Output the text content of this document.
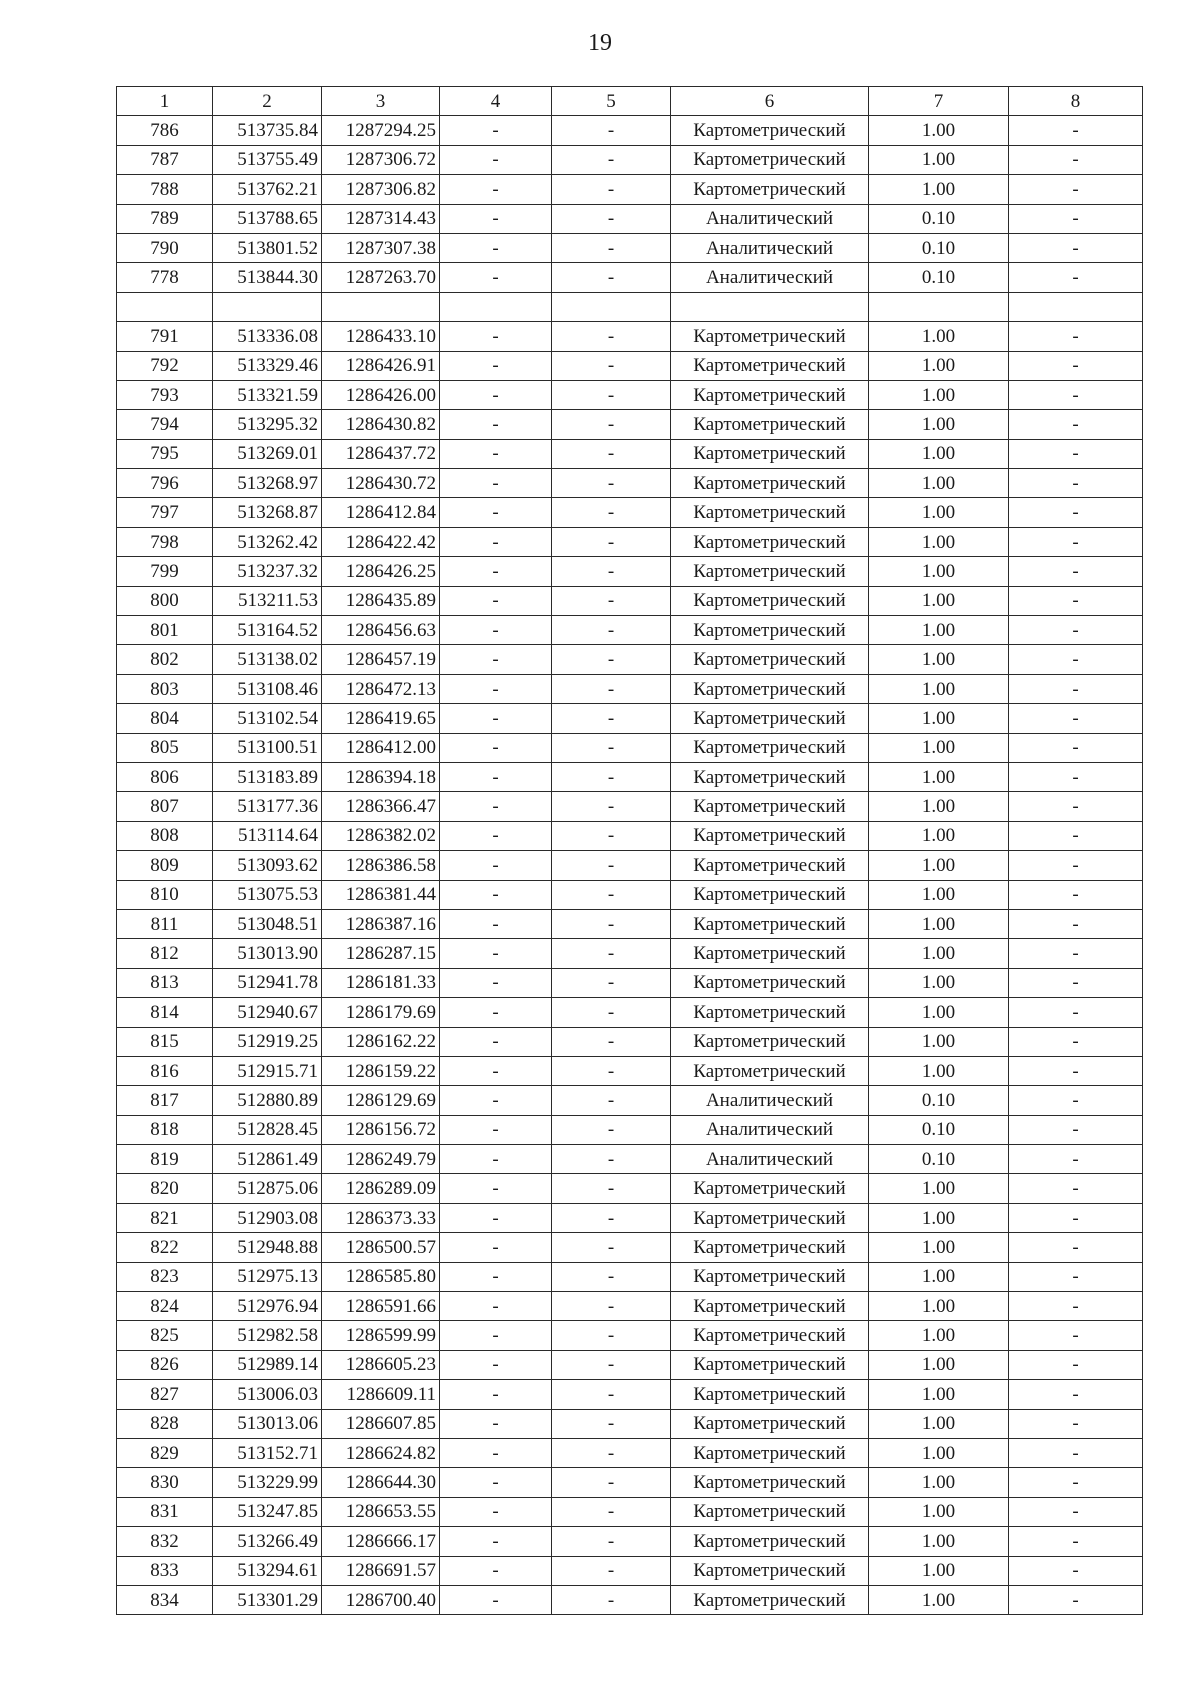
19
1	2	3	4	5	6	7	8
786	513735.84	1287294.25	-	-	Картометрический	1.00	-
787	513755.49	1287306.72	-	-	Картометрический	1.00	-
788	513762.21	1287306.82	-	-	Картометрический	1.00	-
789	513788.65	1287314.43	-	-	Аналитический	0.10	-
790	513801.52	1287307.38	-	-	Аналитический	0.10	-
778	513844.30	1287263.70	-	-	Аналитический	0.10	-

791	513336.08	1286433.10	-	-	Картометрический	1.00	-
792	513329.46	1286426.91	-	-	Картометрический	1.00	-
793	513321.59	1286426.00	-	-	Картометрический	1.00	-
794	513295.32	1286430.82	-	-	Картометрический	1.00	-
795	513269.01	1286437.72	-	-	Картометрический	1.00	-
796	513268.97	1286430.72	-	-	Картометрический	1.00	-
797	513268.87	1286412.84	-	-	Картометрический	1.00	-
798	513262.42	1286422.42	-	-	Картометрический	1.00	-
799	513237.32	1286426.25	-	-	Картометрический	1.00	-
800	513211.53	1286435.89	-	-	Картометрический	1.00	-
801	513164.52	1286456.63	-	-	Картометрический	1.00	-
802	513138.02	1286457.19	-	-	Картометрический	1.00	-
803	513108.46	1286472.13	-	-	Картометрический	1.00	-
804	513102.54	1286419.65	-	-	Картометрический	1.00	-
805	513100.51	1286412.00	-	-	Картометрический	1.00	-
806	513183.89	1286394.18	-	-	Картометрический	1.00	-
807	513177.36	1286366.47	-	-	Картометрический	1.00	-
808	513114.64	1286382.02	-	-	Картометрический	1.00	-
809	513093.62	1286386.58	-	-	Картометрический	1.00	-
810	513075.53	1286381.44	-	-	Картометрический	1.00	-
811	513048.51	1286387.16	-	-	Картометрический	1.00	-
812	513013.90	1286287.15	-	-	Картометрический	1.00	-
813	512941.78	1286181.33	-	-	Картометрический	1.00	-
814	512940.67	1286179.69	-	-	Картометрический	1.00	-
815	512919.25	1286162.22	-	-	Картометрический	1.00	-
816	512915.71	1286159.22	-	-	Картометрический	1.00	-
817	512880.89	1286129.69	-	-	Аналитический	0.10	-
818	512828.45	1286156.72	-	-	Аналитический	0.10	-
819	512861.49	1286249.79	-	-	Аналитический	0.10	-
820	512875.06	1286289.09	-	-	Картометрический	1.00	-
821	512903.08	1286373.33	-	-	Картометрический	1.00	-
822	512948.88	1286500.57	-	-	Картометрический	1.00	-
823	512975.13	1286585.80	-	-	Картометрический	1.00	-
824	512976.94	1286591.66	-	-	Картометрический	1.00	-
825	512982.58	1286599.99	-	-	Картометрический	1.00	-
826	512989.14	1286605.23	-	-	Картометрический	1.00	-
827	513006.03	1286609.11	-	-	Картометрический	1.00	-
828	513013.06	1286607.85	-	-	Картометрический	1.00	-
829	513152.71	1286624.82	-	-	Картометрический	1.00	-
830	513229.99	1286644.30	-	-	Картометрический	1.00	-
831	513247.85	1286653.55	-	-	Картометрический	1.00	-
832	513266.49	1286666.17	-	-	Картометрический	1.00	-
833	513294.61	1286691.57	-	-	Картометрический	1.00	-
834	513301.29	1286700.40	-	-	Картометрический	1.00	-
